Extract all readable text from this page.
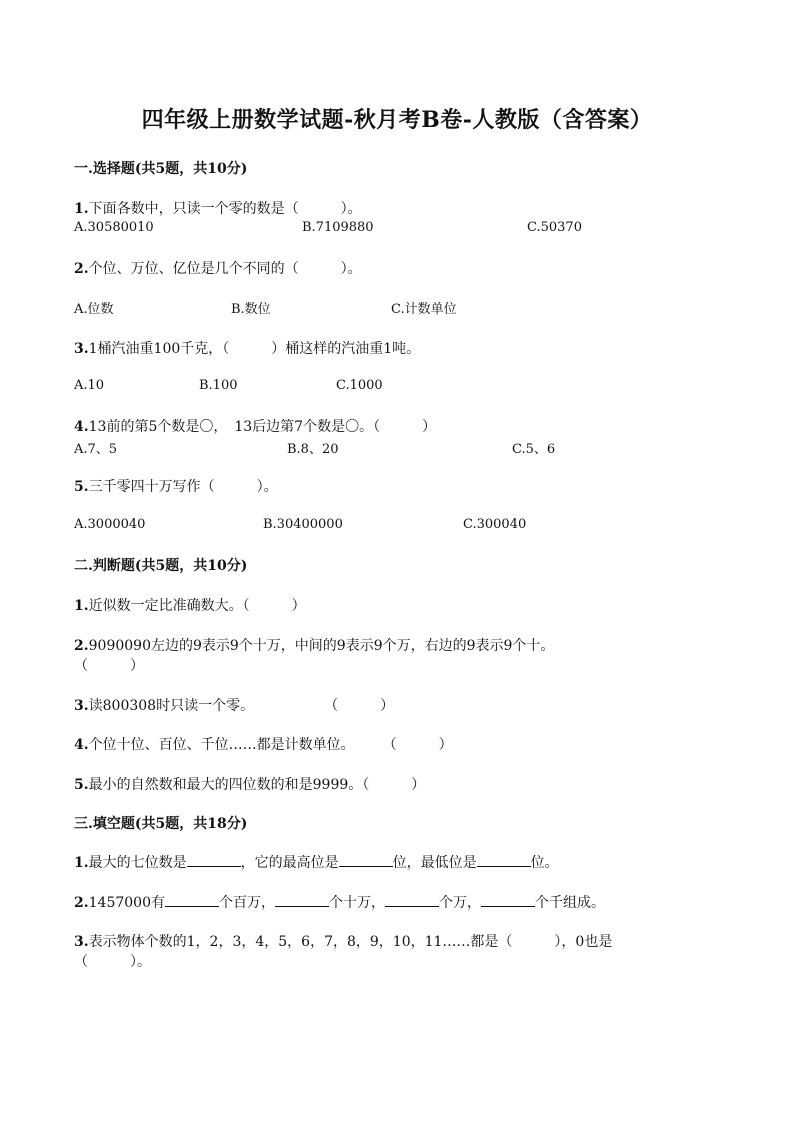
四年级上册数学试题-秋月考B卷-人教版（含答案）
一.选择题(共5题，共10分)
1.下面各数中，只读一个零的数是（　　　）。
A.30580010	B.7109880	C.50370
2.个位、万位、亿位是几个不同的（　　　）。
A.位数	B.数位	C.计数单位
3.1桶汽油重100千克，（　　　）桶这样的汽油重1吨。
A.10	B.100	C.1000
4.13前的第5个数是〇，　13后边第7个数是〇。（　　　）
A.7、5	B.8、20	C.5、6
5.三千零四十万写作（　　　）。
A.3000040	B.30400000	C.300040
二.判断题(共5题，共10分)
1.近似数一定比准确数大。（　　　）
2.9090090左边的9表示9个十万，中间的9表示9个万，右边的9表示9个十。
（　　　）
3.读800308时只读一个零。　　　　　　（　　　）
4.个位十位、百位、千位……都是计数单位。　　　（　　　）
5.最小的自然数和最大的四位数的和是9999。（　　　）
三.填空题(共5题，共18分)
1.最大的七位数是	，它的最高位是	位，最低位是	位。
2.1457000有	个百万，	个十万，	个万，	个千组成。
3.表示物体个数的1，2，3，4，5，6，7，8，9，10，11……都是（　　　），0也是
（　　　）。
